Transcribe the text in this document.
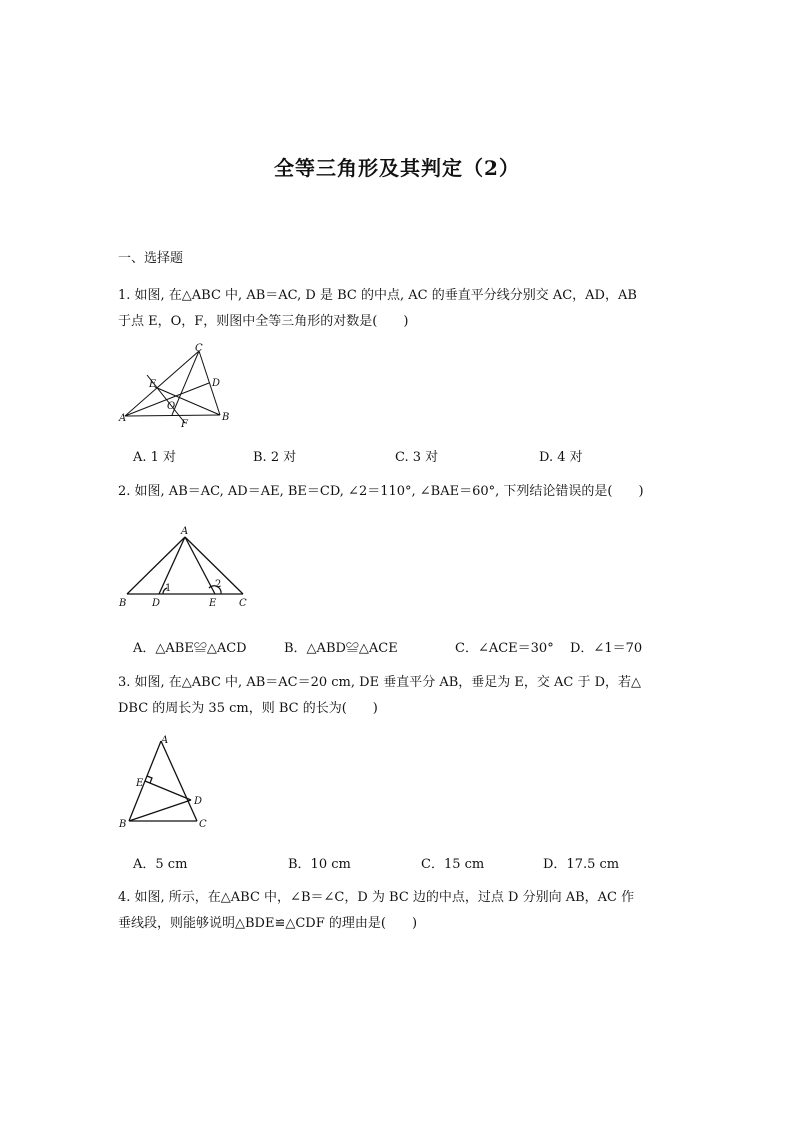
全等三角形及其判定（2）
一、选择题
1. 如图, 在△ABC 中, AB＝AC, D 是 BC 的中点, AC 的垂直平分线分别交 AC，AD，AB
于点 E，O，F，则图中全等三角形的对数是(　　)
C
E	D
O
A
F
B
A. 1 对	B. 2 对	C. 3 对	D. 4 对
2. 如图, AB＝AC, AD＝AE, BE＝CD, ∠2＝110°, ∠BAE＝60°, 下列结论错误的是(　　)
A
1	2
B	D	E C
A．△ABE≌△ACD	B．△ABD≌△ACE	C．∠ACE＝30° D．∠1＝70
3. 如图, 在△ABC 中, AB＝AC＝20 cm, DE 垂直平分 AB，垂足为 E，交 AC 于 D，若△
DBC 的周长为 35 cm，则 BC 的长为(　　)
A
E
D
B	C
A．5 cm	B．10 cm	C．15 cm	D．17.5 cm
4. 如图, 所示，在△ABC 中，∠B＝∠C，D 为 BC 边的中点，过点 D 分别向 AB，AC 作
垂线段，则能够说明△BDE≌△CDF 的理由是(　　)
